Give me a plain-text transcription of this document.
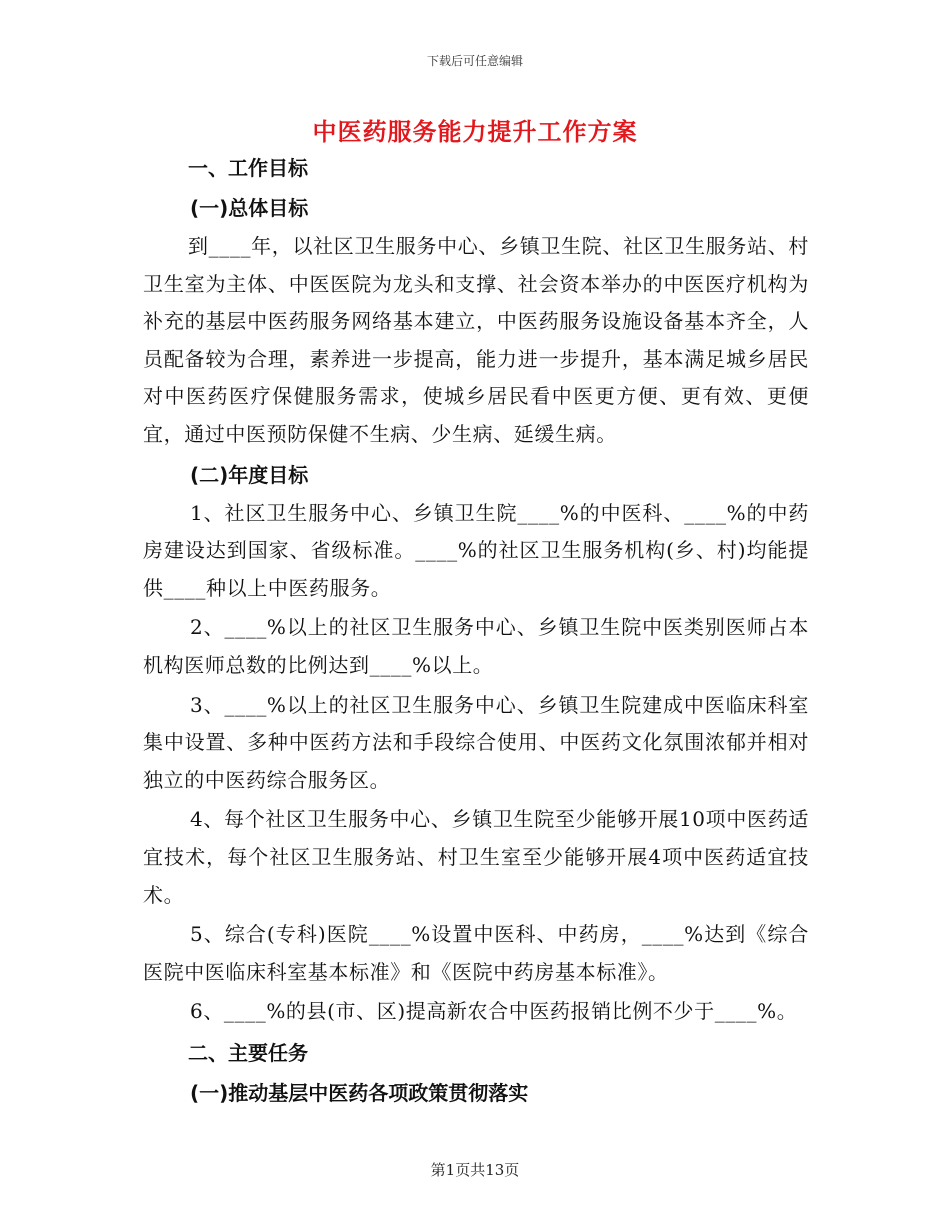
下载后可任意编辑
中医药服务能力提升工作方案
一、工作目标
(一)总体目标

到____年，以社区卫生服务中心、乡镇卫生院、社区卫生服务站、村卫生室为主体、中医医院为龙头和支撑、社会资本举办的中医医疗机构为补充的基层中医药服务网络基本建立，中医药服务设施设备基本齐全，人员配备较为合理，素养进一步提高，能力进一步提升，基本满足城乡居民对中医药医疗保健服务需求，使城乡居民看中医更方便、更有效、更便宜，通过中医预防保健不生病、少生病、延缓生病。

(二)年度目标

1、社区卫生服务中心、乡镇卫生院____%的中医科、____%的中药房建设达到国家、省级标准。____%的社区卫生服务机构(乡、村)均能提供____种以上中医药服务。

2、____%以上的社区卫生服务中心、乡镇卫生院中医类别医师占本机构医师总数的比例达到____%以上。

3、____%以上的社区卫生服务中心、乡镇卫生院建成中医临床科室集中设置、多种中医药方法和手段综合使用、中医药文化氛围浓郁并相对独立的中医药综合服务区。

4、每个社区卫生服务中心、乡镇卫生院至少能够开展10项中医药适宜技术，每个社区卫生服务站、村卫生室至少能够开展4项中医药适宜技术。

5、综合(专科)医院____%设置中医科、中药房，____%达到《综合医院中医临床科室基本标准》和《医院中药房基本标准》。

6、____%的县(市、区)提高新农合中医药报销比例不少于____%。

二、主要任务
(一)推动基层中医药各项政策贯彻落实
第1页共13页
